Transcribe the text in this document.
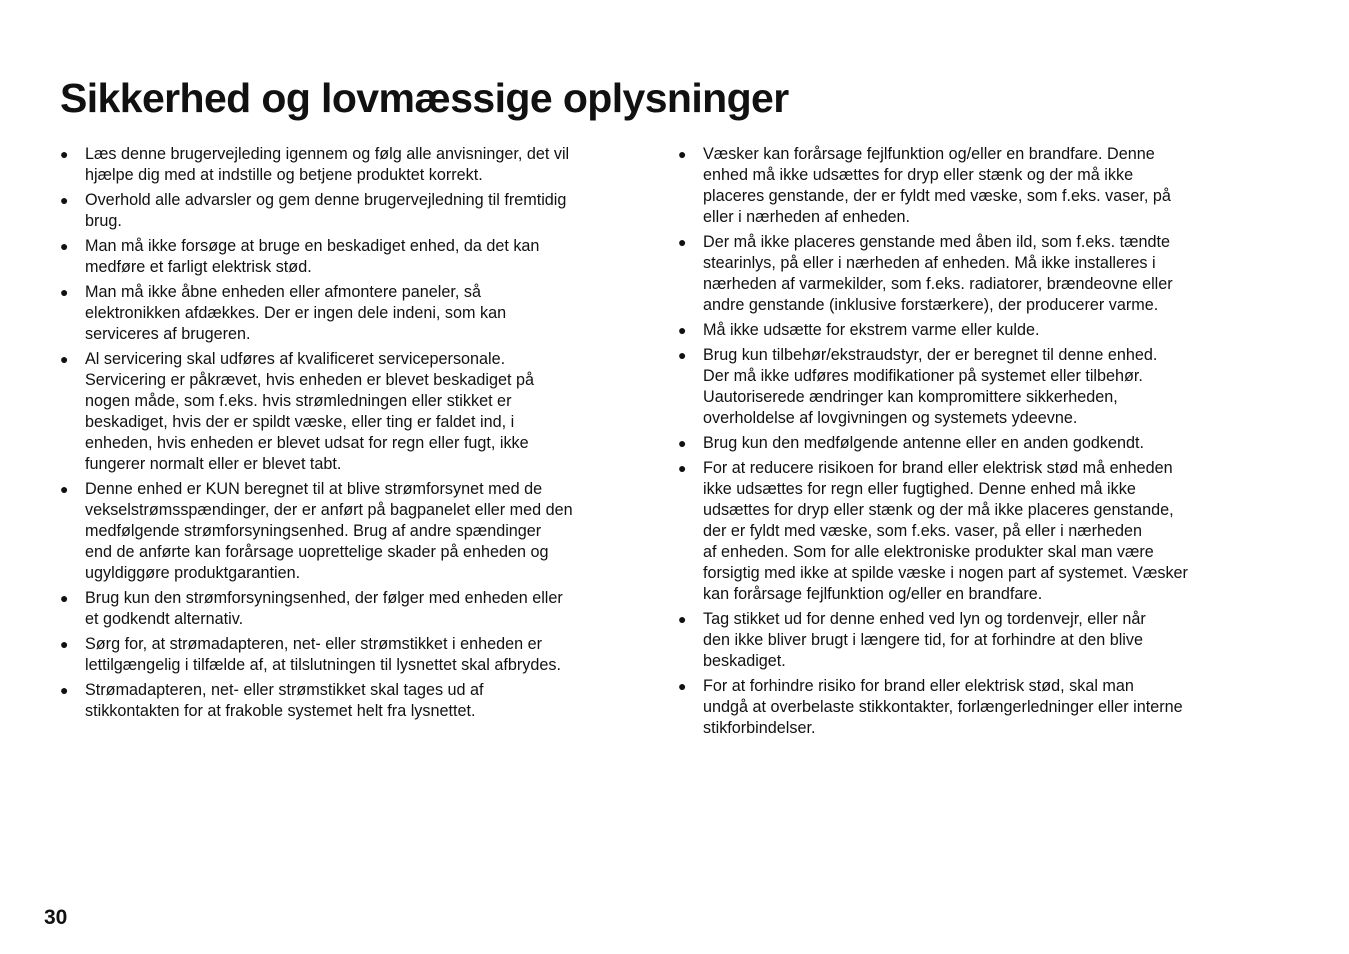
Sikkerhed og lovmæssige oplysninger
● Læs denne brugervejleding igennem og følg alle anvisninger, det vil
hjælpe dig med at indstille og betjene produktet korrekt.
● Overhold alle advarsler og gem denne brugervejledning til fremtidig
brug.
● Man må ikke forsøge at bruge en beskadiget enhed, da det kan
medføre et farligt elektrisk stød.
● Man må ikke åbne enheden eller afmontere paneler, så
elektronikken afdækkes. Der er ingen dele indeni, som kan
serviceres af brugeren.
● Al servicering skal udføres af kvalificeret servicepersonale.
Servicering er påkrævet, hvis enheden er blevet beskadiget på
nogen måde, som f.eks. hvis strømledningen eller stikket er
beskadiget, hvis der er spildt væske, eller ting er faldet ind, i
enheden, hvis enheden er blevet udsat for regn eller fugt, ikke
fungerer normalt eller er blevet tabt.
● Denne enhed er KUN beregnet til at blive strømforsynet med de
vekselstrømsspændinger, der er anført på bagpanelet eller med den
medfølgende strømforsyningsenhed. Brug af andre spændinger
end de anførte kan forårsage uoprettelige skader på enheden og
ugyldiggøre produktgarantien.
● Brug kun den strømforsyningsenhed, der følger med enheden eller
et godkendt alternativ.
● Sørg for, at strømadapteren, net- eller strømstikket i enheden er
lettilgængelig i tilfælde af, at tilslutningen til lysnettet skal afbrydes.
● Strømadapteren, net- eller strømstikket skal tages ud af
stikkontakten for at frakoble systemet helt fra lysnettet.
● Væsker kan forårsage fejlfunktion og/eller en brandfare. Denne
enhed må ikke udsættes for dryp eller stænk og der må ikke
placeres genstande, der er fyldt med væske, som f.eks. vaser, på
eller i nærheden af enheden.
● Der må ikke placeres genstande med åben ild, som f.eks. tændte
stearinlys, på eller i nærheden af enheden. Må ikke installeres i
nærheden af varmekilder, som f.eks. radiatorer, brændeovne eller
andre genstande (inklusive forstærkere), der producerer varme.
● Må ikke udsætte for ekstrem varme eller kulde.
● Brug kun tilbehør/ekstraudstyr, der er beregnet til denne enhed.
Der må ikke udføres modifikationer på systemet eller tilbehør.
Uautoriserede ændringer kan kompromittere sikkerheden,
overholdelse af lovgivningen og systemets ydeevne.
● Brug kun den medfølgende antenne eller en anden godkendt.
● For at reducere risikoen for brand eller elektrisk stød må enheden
ikke udsættes for regn eller fugtighed. Denne enhed må ikke
udsættes for dryp eller stænk og der må ikke placeres genstande,
der er fyldt med væske, som f.eks. vaser, på eller i nærheden
af enheden. Som for alle elektroniske produkter skal man være
forsigtig med ikke at spilde væske i nogen part af systemet. Væsker
kan forårsage fejlfunktion og/eller en brandfare.
● Tag stikket ud for denne enhed ved lyn og tordenvejr, eller når
den ikke bliver brugt i længere tid, for at forhindre at den blive
beskadiget.
● For at forhindre risiko for brand eller elektrisk stød, skal man
undgå at overbelaste stikkontakter, forlængerledninger eller interne
stikforbindelser.
30
